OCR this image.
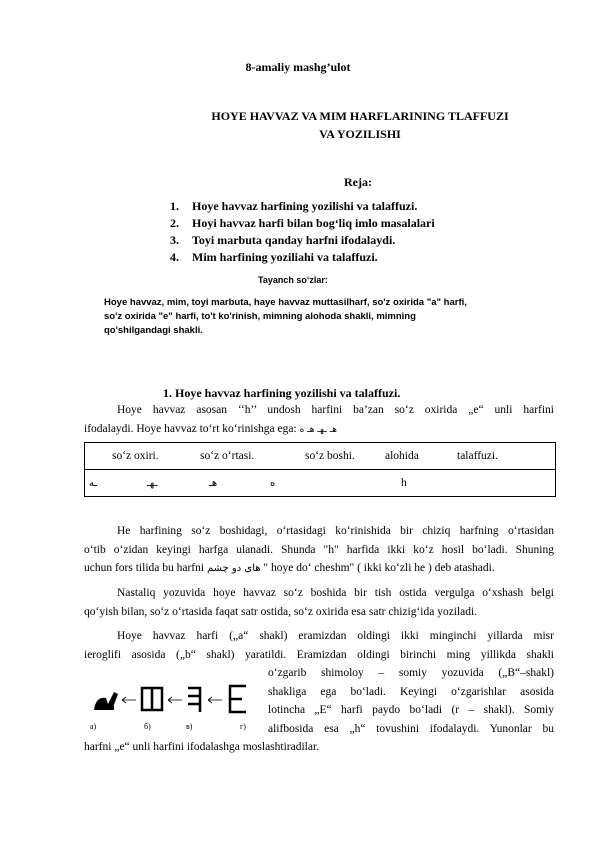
8-amaliy mashg’ulot
HOYE HAVVAZ VA MIM HARFLARINING TLAFFUZI
VA YOZILISHI
Reja:
1. Hoye havvaz harfining yozilishi va talaffuzi.
2. Hoyi havvaz harfi bilan bog‘liq imlo masalalari
3. Toyi marbuta qanday harfni ifodalaydi.
4. Mim harfining yoziliahi va talaffuzi.
Tayanch so‘zlar:
Hoye havvaz, mim, toyi marbuta, haye havvaz muttasilharf, so'z oxirida "a" harfi,
so'z oxirida "e" harfi, to't ko'rinish, mimning alohoda shakli, mimning
qo'shilgandagi shakli.
1. Hoye havvaz harfining yozilishi va talaffuzi.
Hoye havvaz asosan ‘‘h’’ undosh harfini ba’zan so‘z oxirida „e“ unli harfini
ifodalaydi. Hoye havvaz to‘rt ko‘rinishga ega: هـ ـهـ هـ ه
so‘z oxiri.	so‘z o‘rtasi.	so‘z boshi.	alohida	talaffuzi.
ـه	ـهـ	هـ	ه	h
He harfining so‘z boshidagi, o‘rtasidagi ko‘rinishida bir chiziq harfning o‘rtasidan
o‘tib o‘zidan keyingi harfga ulanadi. Shunda "h" harfida ikki ko‘z hosil bo‘ladi. Shuning
uchun fors tilida bu harfni های دو چشم " hoye do‘ cheshm" ( ikki ko‘zli he ) deb atashadi.
Nastaliq yozuvida hoye havvaz so‘z boshida bir tish ostida vergulga o‘xshash belgi
qo‘yish bilan, so‘z o‘rtasida faqat satr ostida, so‘z oxirida esa satr chizig‘ida yoziladi.
Hoye havvaz harfi („a“ shakl) eramizdan oldingi ikki minginchi yillarda misr
ieroglifi asosida („b“ shakl) yaratildi. Eramizdan oldingi birinchi ming yillikda shakli
o‘zgarib shimoloy – somiy yozuvida („B“–shakl)
shakliga ega bo‘ladi. Keyingi o‘zgarishlar asosida
lotincha „E“ harfi paydo bo‘ladi (r – shakl). Somiy
alifbosida esa „h“ tovushini ifodalaydi. Yunonlar bu
harfni „e“ unli harfini ifodalashga moslashtiradilar.
a)	б)	в)	г)
